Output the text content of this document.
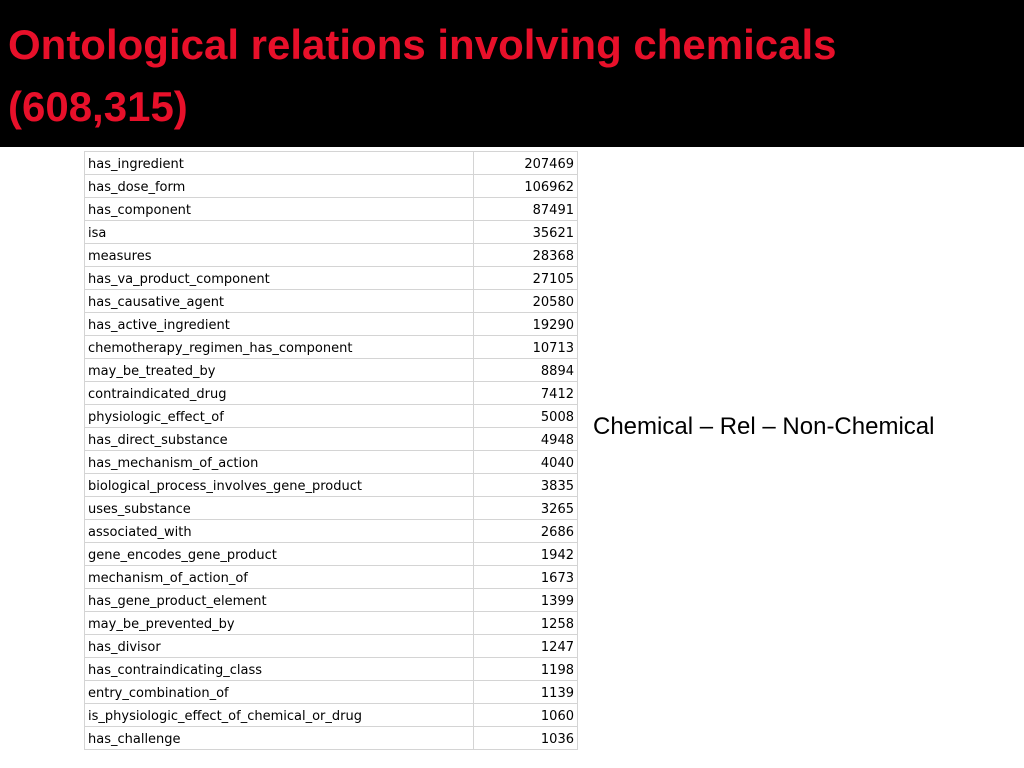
Ontological relations involving chemicals
(608,315)
has_ingredient	207469
has_dose_form	106962
has_component	87491
isa	35621
measures	28368
has_va_product_component	27105
has_causative_agent	20580
has_active_ingredient	19290
chemotherapy_regimen_has_component	10713
may_be_treated_by	8894
contraindicated_drug	7412
physiologic_effect_of	5008
has_direct_substance	4948
has_mechanism_of_action	4040
biological_process_involves_gene_product	3835
uses_substance	3265
associated_with	2686
gene_encodes_gene_product	1942
mechanism_of_action_of	1673
has_gene_product_element	1399
may_be_prevented_by	1258
has_divisor	1247
has_contraindicating_class	1198
entry_combination_of	1139
is_physiologic_effect_of_chemical_or_drug	1060
has_challenge	1036

Chemical – Rel – Non-Chemical
